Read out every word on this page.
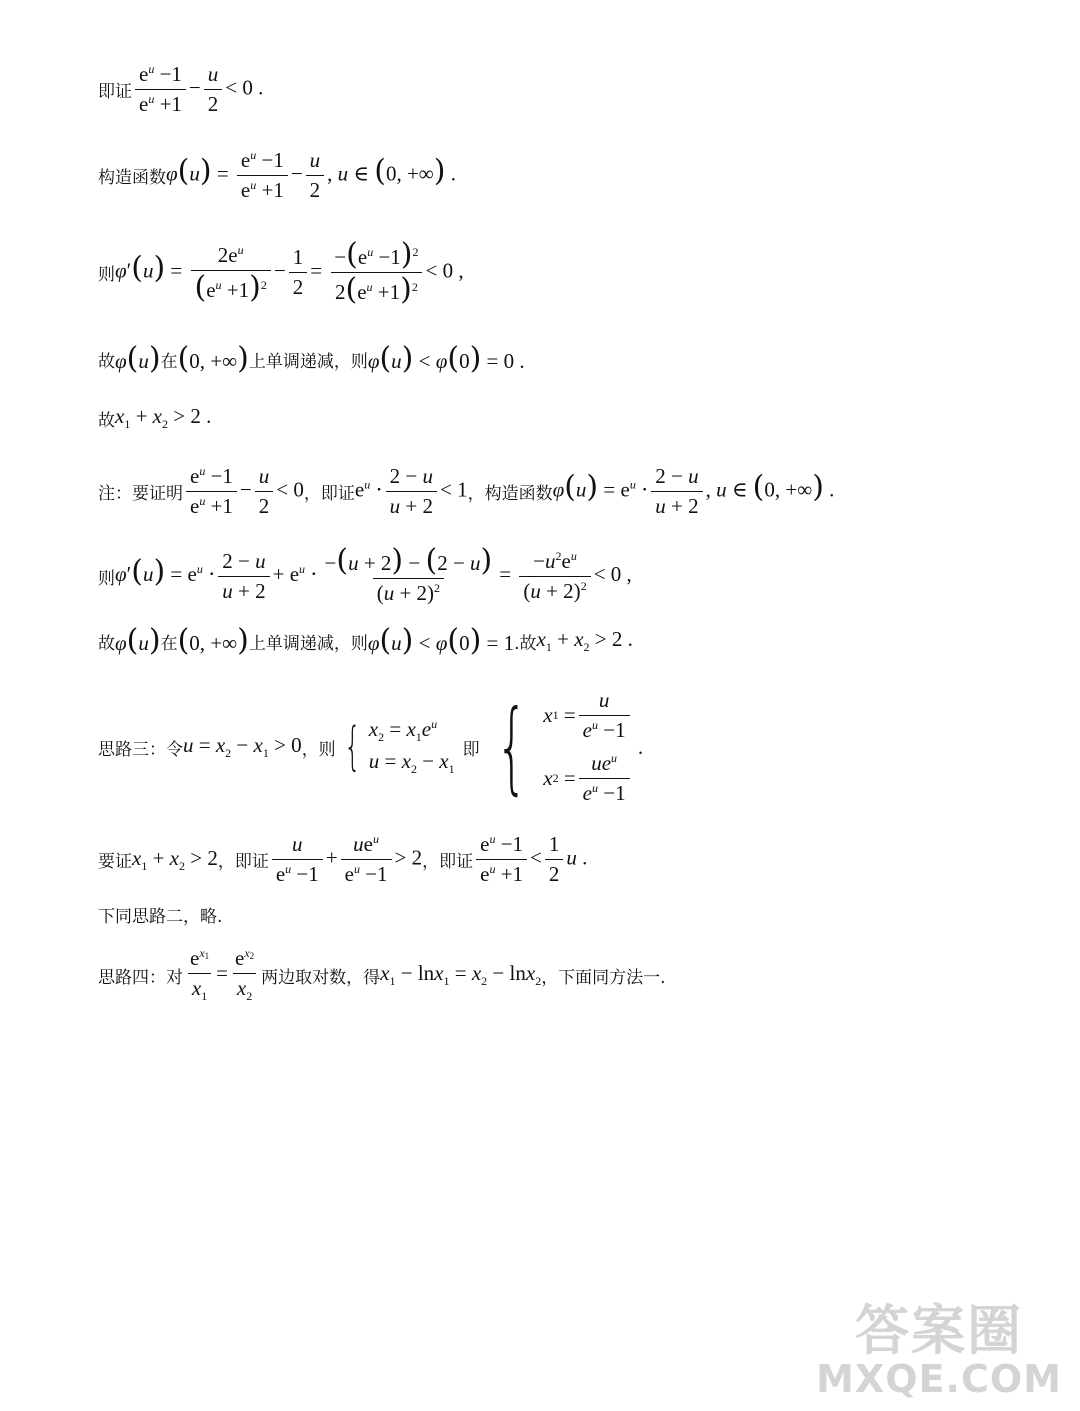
即证 $\frac{e^u -1}{e^u +1} - \frac{u}{2} < 0$ .
构造函数 $\varphi(u) = \frac{e^u -1}{e^u +1} - \frac{u}{2}$ , u ∈ (0, +∞) .
则 $\varphi'(u) = \frac{2e^u}{(e^u +1)^2} - \frac{1}{2} = \frac{-(e^u -1)^2}{2(e^u +1)^2} < 0$ ,
故 φ(u) 在 (0, +∞) 上单调递减，则 φ(u) < φ(0) = 0 .
故 $x_1 + x_2 > 2$ .
注：要证明 $\frac{e^u -1}{e^u +1} - \frac{u}{2} < 0$ ，即证 $e^u \cdot \frac{2 - u}{u + 2} < 1$ ，构造函数 $\varphi(u) = e^u \cdot \frac{2 - u}{u + 2}$ , u ∈ (0, +∞) .
则 $\varphi'(u) = e^u \cdot \frac{2 - u}{u + 2} + e^u \cdot \frac{-(u + 2) - (2 - u)}{(u + 2)^2} = \frac{-u^2e^u}{(u + 2)^2} < 0$ ,
故 φ(u) 在 (0, +∞) 上单调递减，则 φ(u) < φ(0) = 1 .故 $x_1 + x_2 > 2$ .
思路三：令 $u = x_2 - x_1 > 0$ ，则 { $x_2 = x_1e^u$
$u = x_2 - x_1$
即 { x $1 = \frac{u}{e^u -1}$
x $2 = \frac{ue^u}{e^u -1}$
.
要证 $x_1 + x_2 > 2$ ，即证 $\frac{u}{e^u -1} + \frac{ue^u}{e^u -1} > 2$ ，即证 $\frac{e^u -1}{e^u +1} < \frac{1}{2}$ u .
下同思路二，略.
思路四：对 $\frac{e^{x_1}}{x_1} = \frac{e^{x_2}}{x_2}$ 两边取对数，得 $x_1 - \ln x_1 = x_2 - \ln x_2$ ，下面同方法一.
答案圈
MXQE.COM
